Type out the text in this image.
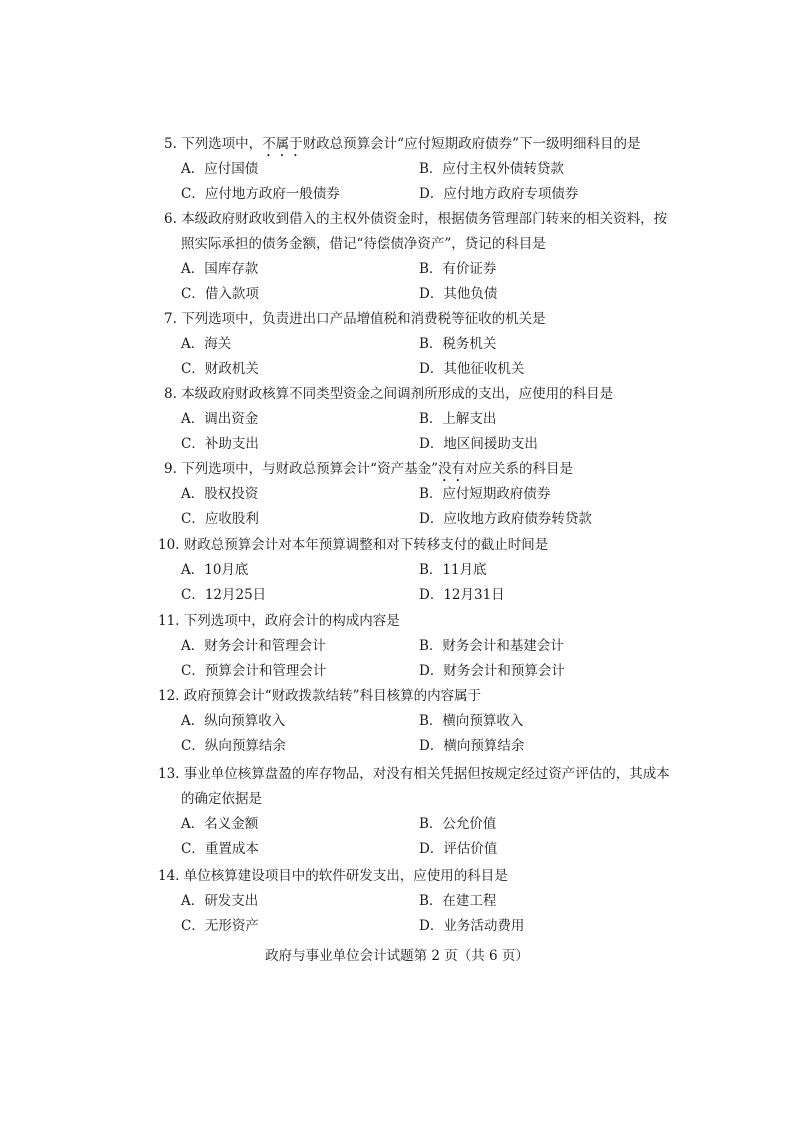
5. 下列选项中，不属于财政总预算会计“应付短期政府债券”下一级明细科目的是
A．应付国债	B．应付主权外债转贷款
C．应付地方政府一般债券	D．应付地方政府专项债券
6. 本级政府财政收到借入的主权外债资金时，根据债务管理部门转来的相关资料，按
照实际承担的债务金额，借记“待偿债净资产”，贷记的科目是
A．国库存款	B．有价证券
C．借入款项	D．其他负债
7. 下列选项中，负责进出口产品增值税和消费税等征收的机关是
A．海关	B．税务机关
C．财政机关	D．其他征收机关
8. 本级政府财政核算不同类型资金之间调剂所形成的支出，应使用的科目是
A．调出资金	B．上解支出
C．补助支出	D．地区间援助支出
9. 下列选项中，与财政总预算会计“资产基金”没有对应关系的科目是
A．股权投资	B．应付短期政府债券
C．应收股利	D．应收地方政府债券转贷款
10. 财政总预算会计对本年预算调整和对下转移支付的截止时间是
A．10月底	B．11月底
C．12月25日	D．12月31日
11. 下列选项中，政府会计的构成内容是
A．财务会计和管理会计	B．财务会计和基建会计
C．预算会计和管理会计	D．财务会计和预算会计
12. 政府预算会计“财政拨款结转”科目核算的内容属于
A．纵向预算收入	B．横向预算收入
C．纵向预算结余	D．横向预算结余
13. 事业单位核算盘盈的库存物品，对没有相关凭据但按规定经过资产评估的，其成本
的确定依据是
A．名义金额	B．公允价值
C．重置成本	D．评估价值
14. 单位核算建设项目中的软件研发支出，应使用的科目是
A．研发支出	B．在建工程
C．无形资产	D．业务活动费用
政府与事业单位会计试题第 2 页（共 6 页）
